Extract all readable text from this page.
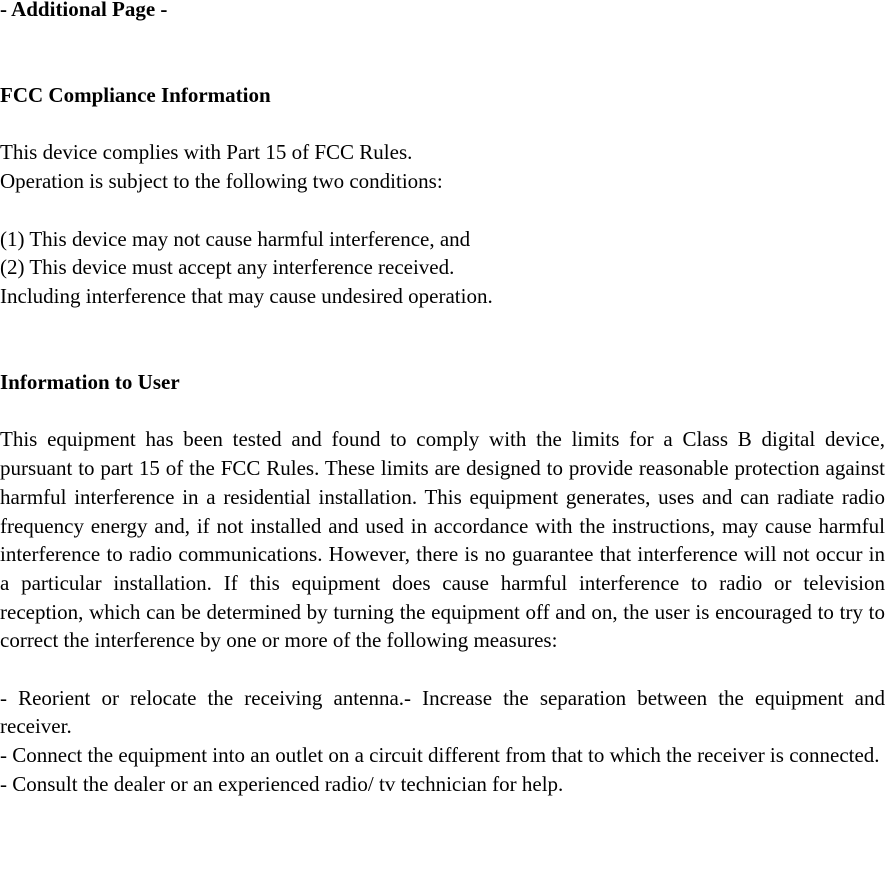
- Additional Page -
FCC Compliance Information
This device complies with Part 15 of FCC Rules.
Operation is subject to the following two conditions:
(1) This device may not cause harmful interference, and
(2) This device must accept any interference received.
Including interference that may cause undesired operation.
Information to User
This equipment has been tested and found to comply with the limits for a Class B digital device, pursuant to part 15 of the FCC Rules. These limits are designed to provide reasonable protection against harmful interference in a residential installation. This equipment generates, uses and can radiate radio frequency energy and, if not installed and used in accordance with the instructions, may cause harmful interference to radio communications. However, there is no guarantee that interference will not occur in a particular installation. If this equipment does cause harmful interference to radio or television reception, which can be determined by turning the equipment off and on, the user is encouraged to try to correct the interference by one or more of the following measures:
- Reorient or relocate the receiving antenna.- Increase the separation between the equipment and receiver.
- Connect the equipment into an outlet on a circuit different from that to which the receiver is connected.
- Consult the dealer or an experienced radio/ tv technician for help.
